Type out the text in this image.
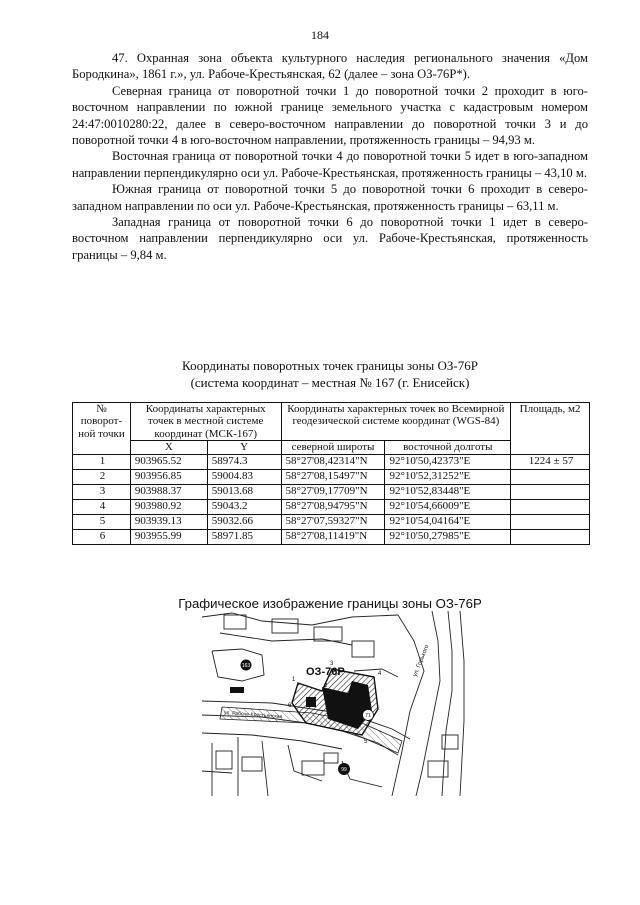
184

47. Охранная зона объекта культурного наследия регионального значения «Дом Бородкина», 1861 г.», ул. Рабоче-Крестьянская, 62 (далее – зона ОЗ-76Р*).

Северная граница от поворотной точки 1 до поворотной точки 2 проходит в юго-восточном направлении по южной границе земельного участка с кадастровым номером 24:47:0010280:22, далее в северо-восточном направлении до поворотной точки 3 и до поворотной точки 4 в юго-восточном направлении, протяженность границы – 94,93 м.

Восточная граница от поворотной точки 4 до поворотной точки 5 идет в юго-западном направлении перпендикулярно оси ул. Рабоче-Крестьянская, протяженность границы – 43,10 м.

Южная граница от поворотной точки 5 до поворотной точки 6 проходит в северо-западном направлении по оси ул. Рабоче-Крестьянская, протяженность границы – 63,11 м.

Западная граница от поворотной точки 6 до поворотной точки 1 идет в северо-восточном направлении перпендикулярно оси ул. Рабоче-Крестьянская, протяженность границы – 9,84 м.

Координаты поворотных точек границы зоны ОЗ-76Р
(система координат – местная № 167 (г. Енисейск)
№ поворот-ной точки	Координаты характерных точек в местной системе координат (МСК-167)		Координаты характерных точек во Всемирной геодезической системе координат (WGS-84)		Площадь, м2
	X	Y	северной широты	восточной долготы	
1	903965.52	58974.3	58°27'08,42314"N	92°10'50,42373"E	1224 ± 57
2	903956.85	59004.83	58°27'08,15497"N	92°10'52,31252"E	
3	903988.37	59013.68	58°27'09,17709"N	92°10'52,83448"E	
4	903980.92	59043.2	58°27'08,94795"N	92°10'54,66009"E	
5	903939.13	59032.66	58°27'07,59327"N	92°10'54,04164"E	
6	903955.99	58971.85	58°27'08,11419"N	92°10'50,27985"E	
Графическое изображение границы зоны ОЗ-76Р
163
71
99
ОЗ-76Р
1
2
3
4
5
6
ул. Горького
ул. Рабоче-Крестьянская
